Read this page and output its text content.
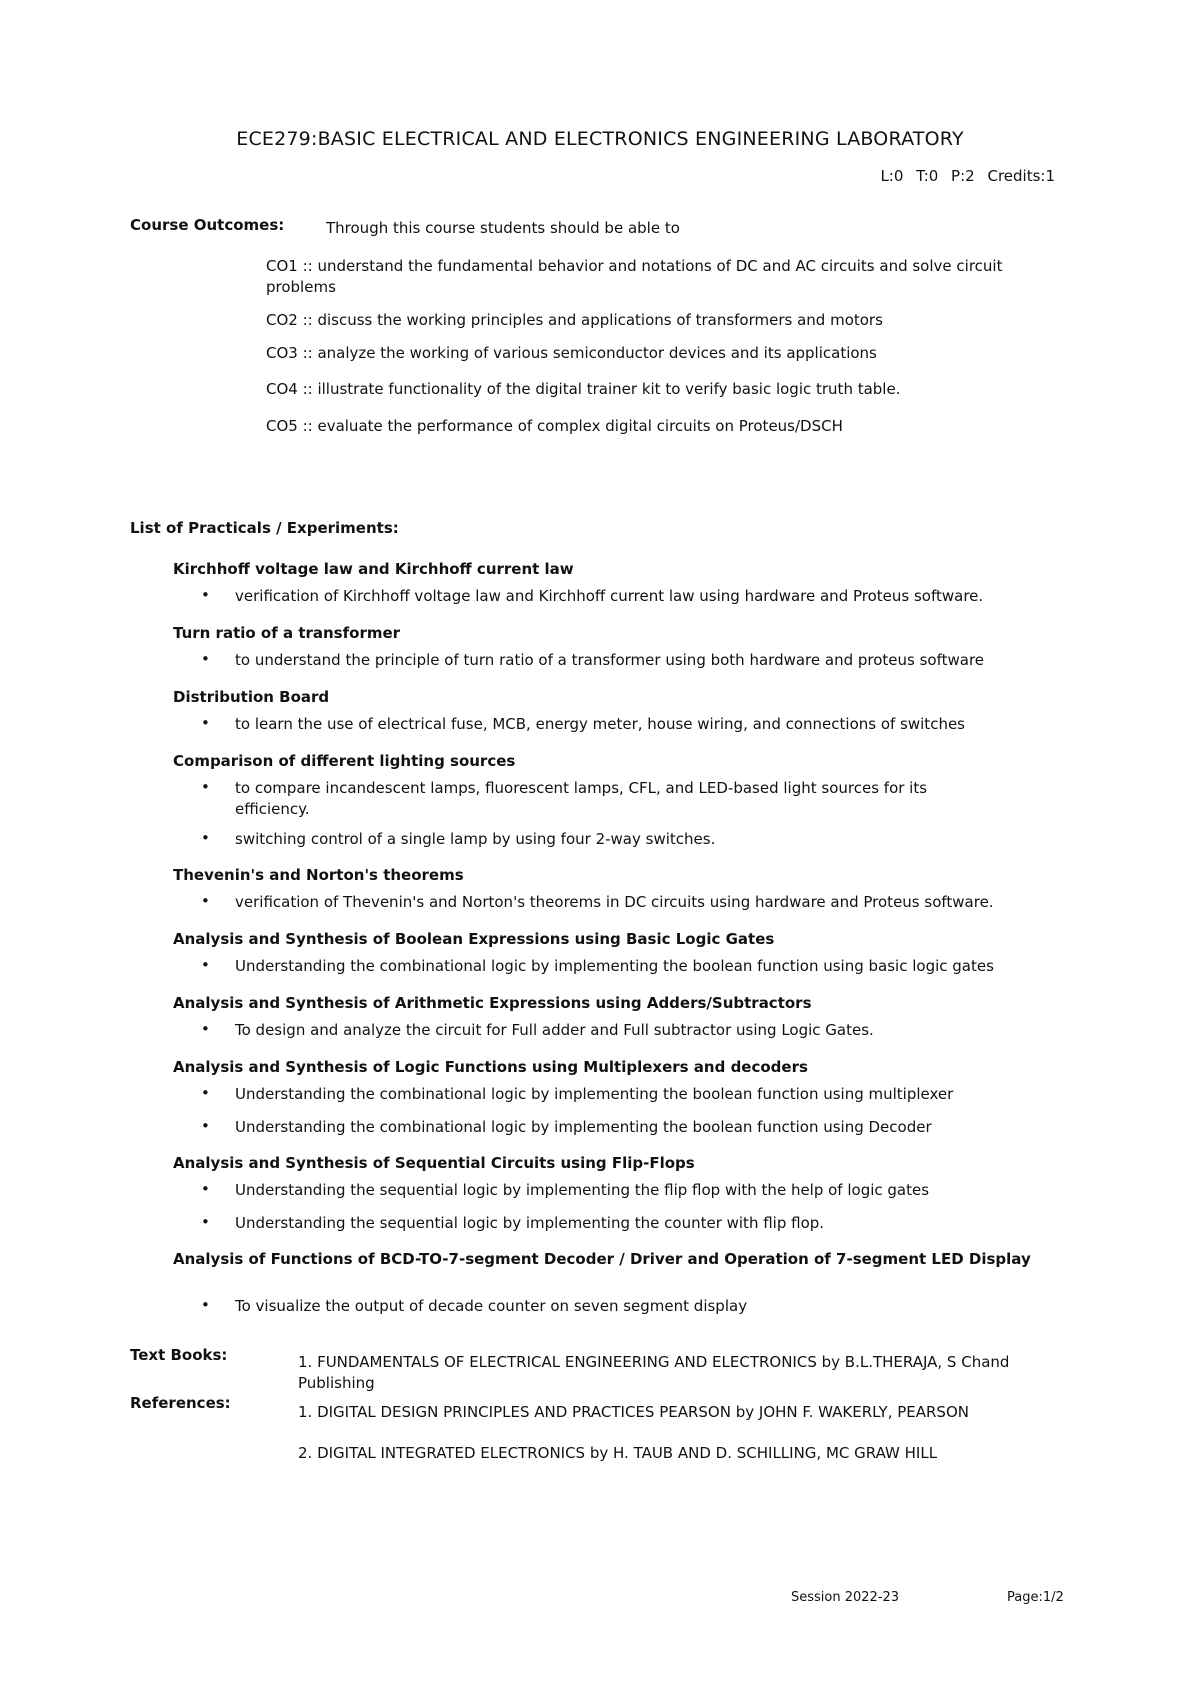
ECE279:BASIC ELECTRICAL AND ELECTRONICS ENGINEERING LABORATORY
L:0 T:0 P:2 Credits:1
Course Outcomes:	Through this course students should be able to
CO1 :: understand the fundamental behavior and notations of DC and AC circuits and solve circuit problems
CO2 :: discuss the working principles and applications of transformers and motors
CO3 :: analyze the working of various semiconductor devices and its applications
CO4 :: illustrate functionality of the digital trainer kit to verify basic logic truth table.
CO5 :: evaluate the performance of complex digital circuits on Proteus/DSCH
List of Practicals / Experiments:
Kirchhoff voltage law and Kirchhoff current law
• verification of Kirchhoff voltage law and Kirchhoff current law using hardware and Proteus software.
Turn ratio of a transformer
• to understand the principle of turn ratio of a transformer using both hardware and proteus software
Distribution Board
• to learn the use of electrical fuse, MCB, energy meter, house wiring, and connections of switches
Comparison of different lighting sources
• to compare incandescent lamps, fluorescent lamps, CFL, and LED-based light sources for its efficiency.
• switching control of a single lamp by using four 2-way switches.
Thevenin's and Norton's theorems
• verification of Thevenin's and Norton's theorems in DC circuits using hardware and Proteus software.
Analysis and Synthesis of Boolean Expressions using Basic Logic Gates
• Understanding the combinational logic by implementing the boolean function using basic logic gates
Analysis and Synthesis of Arithmetic Expressions using Adders/Subtractors
• To design and analyze the circuit for Full adder and Full subtractor using Logic Gates.
Analysis and Synthesis of Logic Functions using Multiplexers and decoders
• Understanding the combinational logic by implementing the boolean function using multiplexer
• Understanding the combinational logic by implementing the boolean function using Decoder
Analysis and Synthesis of Sequential Circuits using Flip-Flops
• Understanding the sequential logic by implementing the flip flop with the help of logic gates
• Understanding the sequential logic by implementing the counter with flip flop.
Analysis of Functions of BCD-TO-7-segment Decoder / Driver and Operation of 7-segment LED Display
• To visualize the output of decade counter on seven segment display
Text Books:	1. FUNDAMENTALS OF ELECTRICAL ENGINEERING AND ELECTRONICS by B.L.THERAJA, S Chand Publishing
References:	1. DIGITAL DESIGN PRINCIPLES AND PRACTICES PEARSON by JOHN F. WAKERLY, PEARSON
2. DIGITAL INTEGRATED ELECTRONICS by H. TAUB AND D. SCHILLING, MC GRAW HILL
Session 2022-23	Page:1/2
